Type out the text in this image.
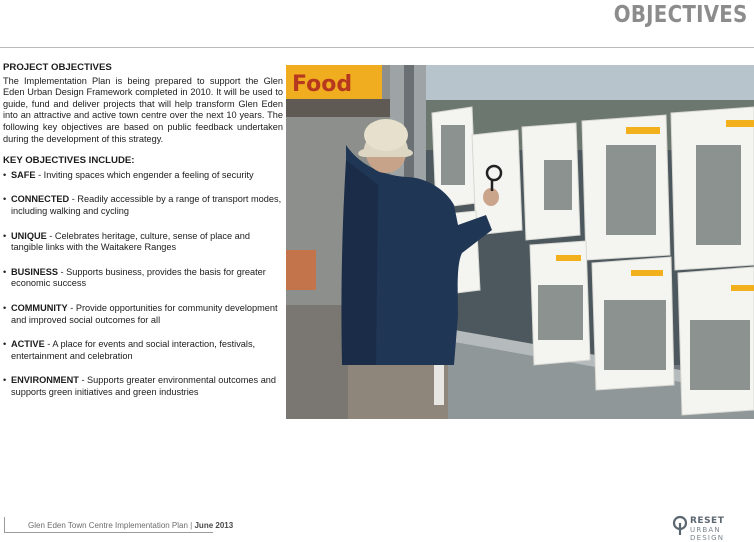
OBJECTIVES

PROJECT OBJECTIVES

The Implementation Plan is being prepared to support the Glen Eden Urban Design Framework completed in 2010. It will be used to guide, fund and deliver projects that will help transform Glen Eden into an attractive and active town centre over the next 10 years. The following key objectives are based on public feedback undertaken during the development of this strategy.

KEY OBJECTIVES INCLUDE:

• SAFE - Inviting spaces which engender a feeling of security
• CONNECTED - Readily accessible by a range of transport modes, including walking and cycling
• UNIQUE - Celebrates heritage, culture, sense of place and tangible links with the Waitakere Ranges
• BUSINESS - Supports business, provides the basis for greater economic success
• COMMUNITY - Provide opportunities for community development and improved social outcomes for all
• ACTIVE - A place for events and social interaction, festivals, entertainment and celebration
• ENVIRONMENT - Supports greater environmental outcomes and supports green initiatives and green industries
Food
Glen Eden Town Centre Implementation Plan | June 2013	RESET
URBAN DESIGN
